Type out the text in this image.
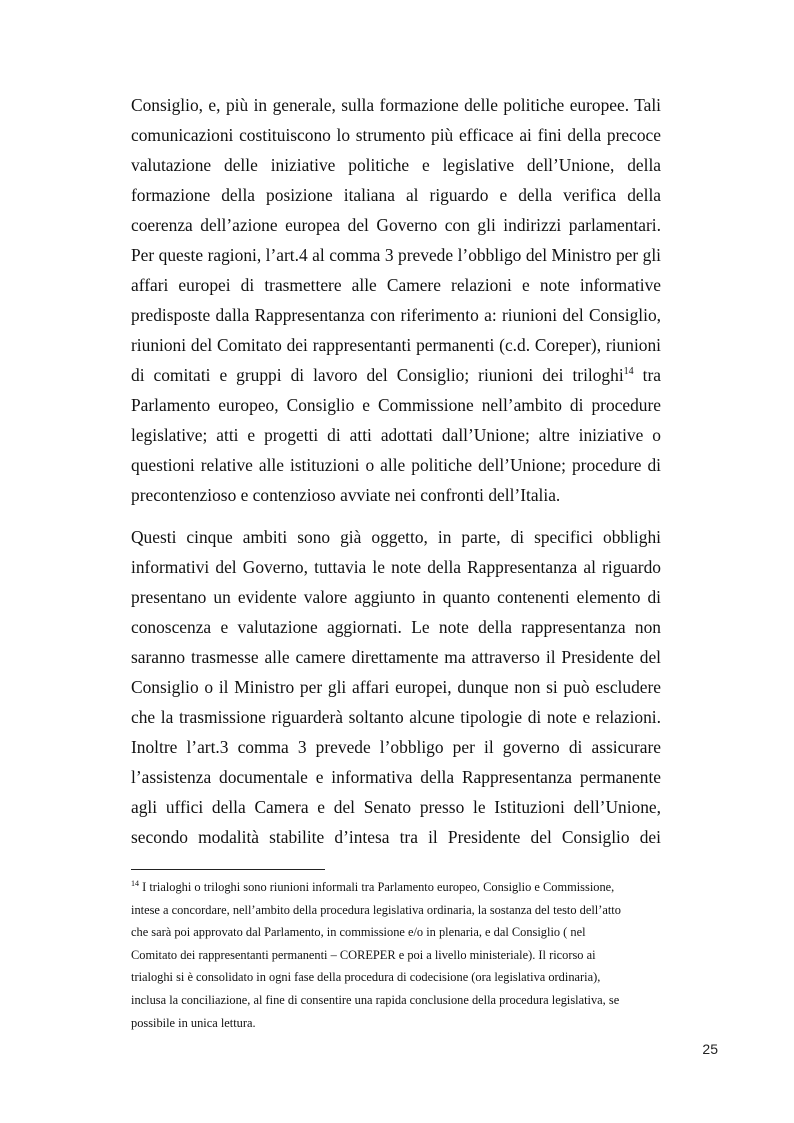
Consiglio, e, più in generale, sulla formazione delle politiche europee. Tali
comunicazioni costituiscono lo strumento più efficace ai fini della precoce
valutazione delle iniziative politiche e legislative dell’Unione, della
formazione della posizione italiana al riguardo e della verifica della
coerenza dell’azione europea del Governo con gli indirizzi parlamentari.
Per queste ragioni, l’art.4 al comma 3 prevede l’obbligo del Ministro per gli
affari europei di trasmettere alle Camere relazioni e note informative
predisposte dalla Rappresentanza con riferimento a: riunioni del Consiglio,
riunioni del Comitato dei rappresentanti permanenti (c.d. Coreper), riunioni
di comitati e gruppi di lavoro del Consiglio; riunioni dei triloghi$^{14}$ tra
Parlamento europeo, Consiglio e Commissione nell’ambito di procedure
legislative; atti e progetti di atti adottati dall’Unione; altre iniziative o
questioni relative alle istituzioni o alle politiche dell’Unione; procedure di
precontenzioso e contenzioso avviate nei confronti dell’Italia.

Questi cinque ambiti sono già oggetto, in parte, di specifici obblighi
informativi del Governo, tuttavia le note della Rappresentanza al riguardo
presentano un evidente valore aggiunto in quanto contenenti elemento di
conoscenza e valutazione aggiornati. Le note della rappresentanza non
saranno trasmesse alle camere direttamente ma attraverso il Presidente del
Consiglio o il Ministro per gli affari europei, dunque non si può escludere
che la trasmissione riguarderà soltanto alcune tipologie di note e relazioni.
Inoltre l’art.3 comma 3 prevede l’obbligo per il governo di assicurare
l’assistenza documentale e informativa della Rappresentanza permanente
agli uffici della Camera e del Senato presso le Istituzioni dell’Unione,
secondo modalità stabilite d’intesa tra il Presidente del Consiglio dei

$^{14}$ I trialoghi o triloghi sono riunioni informali tra Parlamento europeo, Consiglio e Commissione,
intese a concordare, nell’ambito della procedura legislativa ordinaria, la sostanza del testo dell’atto
che sarà poi approvato dal Parlamento, in commissione e/o in plenaria, e dal Consiglio ( nel
Comitato dei rappresentanti permanenti – COREPER e poi a livello ministeriale). Il ricorso ai
trialoghi si è consolidato in ogni fase della procedura di codecisione (ora legislativa ordinaria),
inclusa la conciliazione, al fine di consentire una rapida conclusione della procedura legislativa, se
possibile in unica lettura.
25
